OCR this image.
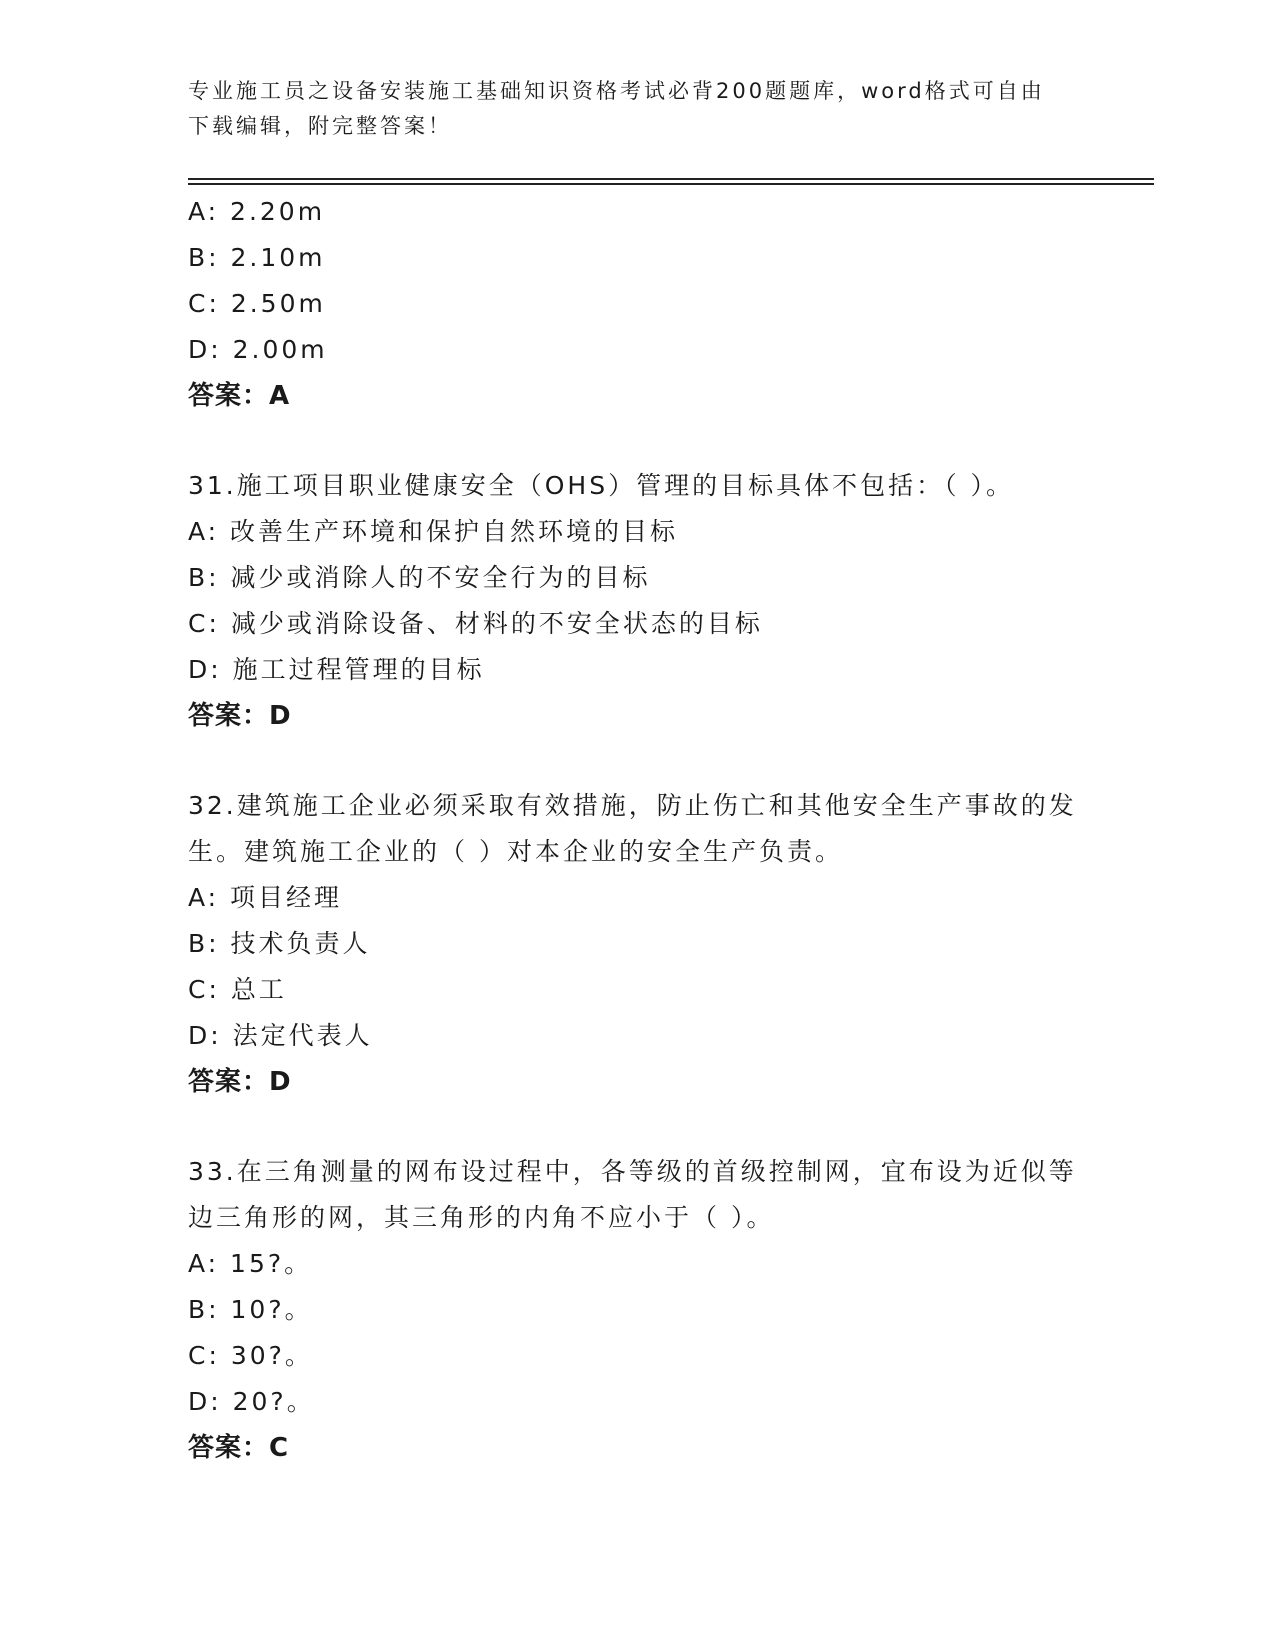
专业施工员之设备安装施工基础知识资格考试必背200题题库，word格式可自由下载编辑，附完整答案！

A: 2.20m
B: 2.10m
C: 2.50m
D: 2.00m
答案：A
31.施工项目职业健康安全（OHS）管理的目标具体不包括：（ ）。
A: 改善生产环境和保护自然环境的目标
B: 减少或消除人的不安全行为的目标
C: 减少或消除设备、材料的不安全状态的目标
D: 施工过程管理的目标
答案：D
32.建筑施工企业必须采取有效措施，防止伤亡和其他安全生产事故的发生。建筑施工企业的（ ）对本企业的安全生产负责。
A: 项目经理
B: 技术负责人
C: 总工
D: 法定代表人
答案：D
33.在三角测量的网布设过程中，各等级的首级控制网，宜布设为近似等边三角形的网，其三角形的内角不应小于（ ）。
A: 15?。
B: 10?。
C: 30?。
D: 20?。
答案：C
